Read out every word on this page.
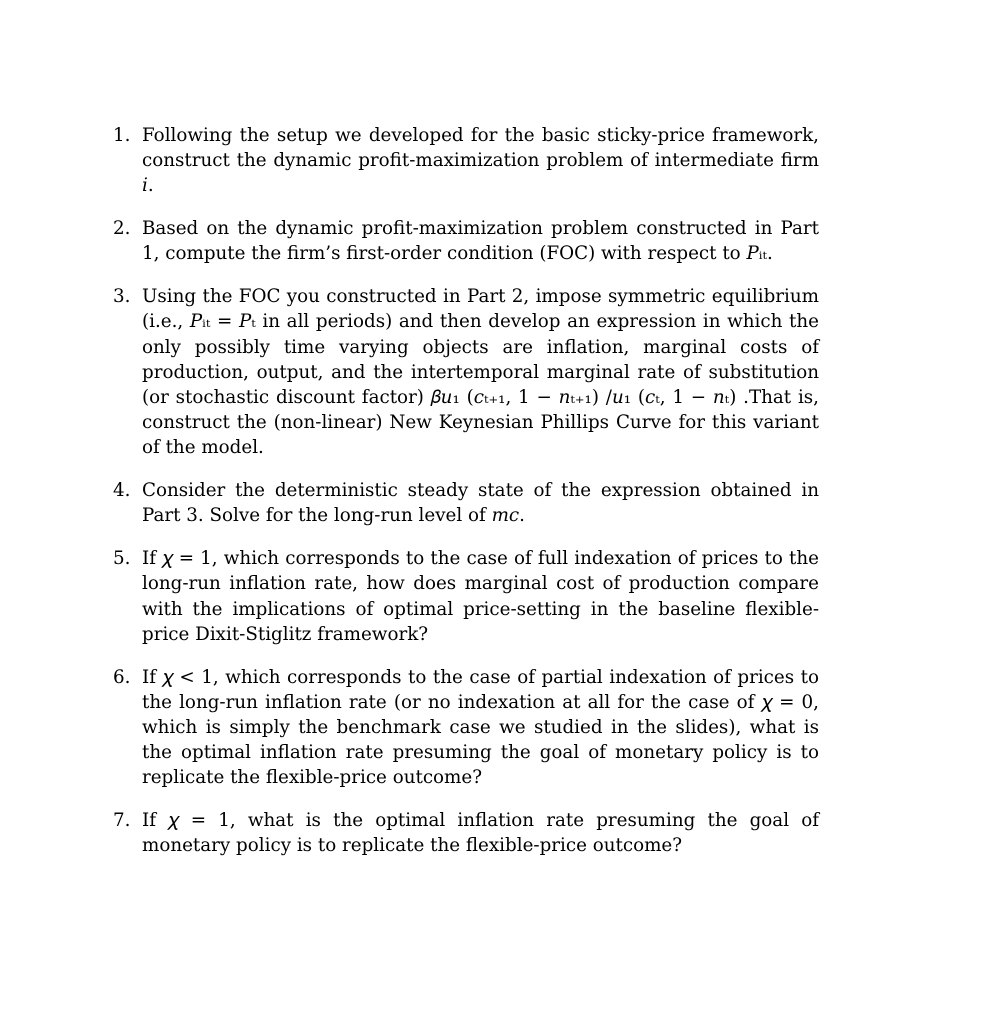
1. Following the setup we developed for the basic sticky-price framework, construct the dynamic profit-maximization problem of intermediate firm 𝑖.
2. Based on the dynamic profit-maximization problem constructed in Part 1, compute the firm’s first-order condition (FOC) with respect to 𝑃ᵢₜ.
3. Using the FOC you constructed in Part 2, impose symmetric equilibrium (i.e., 𝑃ᵢₜ = 𝑃ₜ in all periods) and then develop an expression in which the only possibly time varying objects are inflation, marginal costs of production, output, and the intertemporal marginal rate of substitution (or stochastic discount factor) 𝛽𝑢₁ (𝑐ₜ₊₁, 1 − 𝑛ₜ₊₁) /𝑢₁ (𝑐ₜ, 1 − 𝑛ₜ) .That is, construct the (non-linear) New Keynesian Phillips Curve for this variant of the model.
4. Consider the deterministic steady state of the expression obtained in Part 3. Solve for the long-run level of 𝑚𝑐.
5. If 𝜒 = 1, which corresponds to the case of full indexation of prices to the long-run inflation rate, how does marginal cost of production compare with the implications of optimal price-setting in the baseline flexible-price Dixit-Stiglitz framework?
6. If 𝜒 < 1, which corresponds to the case of partial indexation of prices to the long-run inflation rate (or no indexation at all for the case of 𝜒 = 0, which is simply the benchmark case we studied in the slides), what is the optimal inflation rate presuming the goal of monetary policy is to replicate the flexible-price outcome?
7. If 𝜒 = 1, what is the optimal inflation rate presuming the goal of monetary policy is to replicate the flexible-price outcome?
